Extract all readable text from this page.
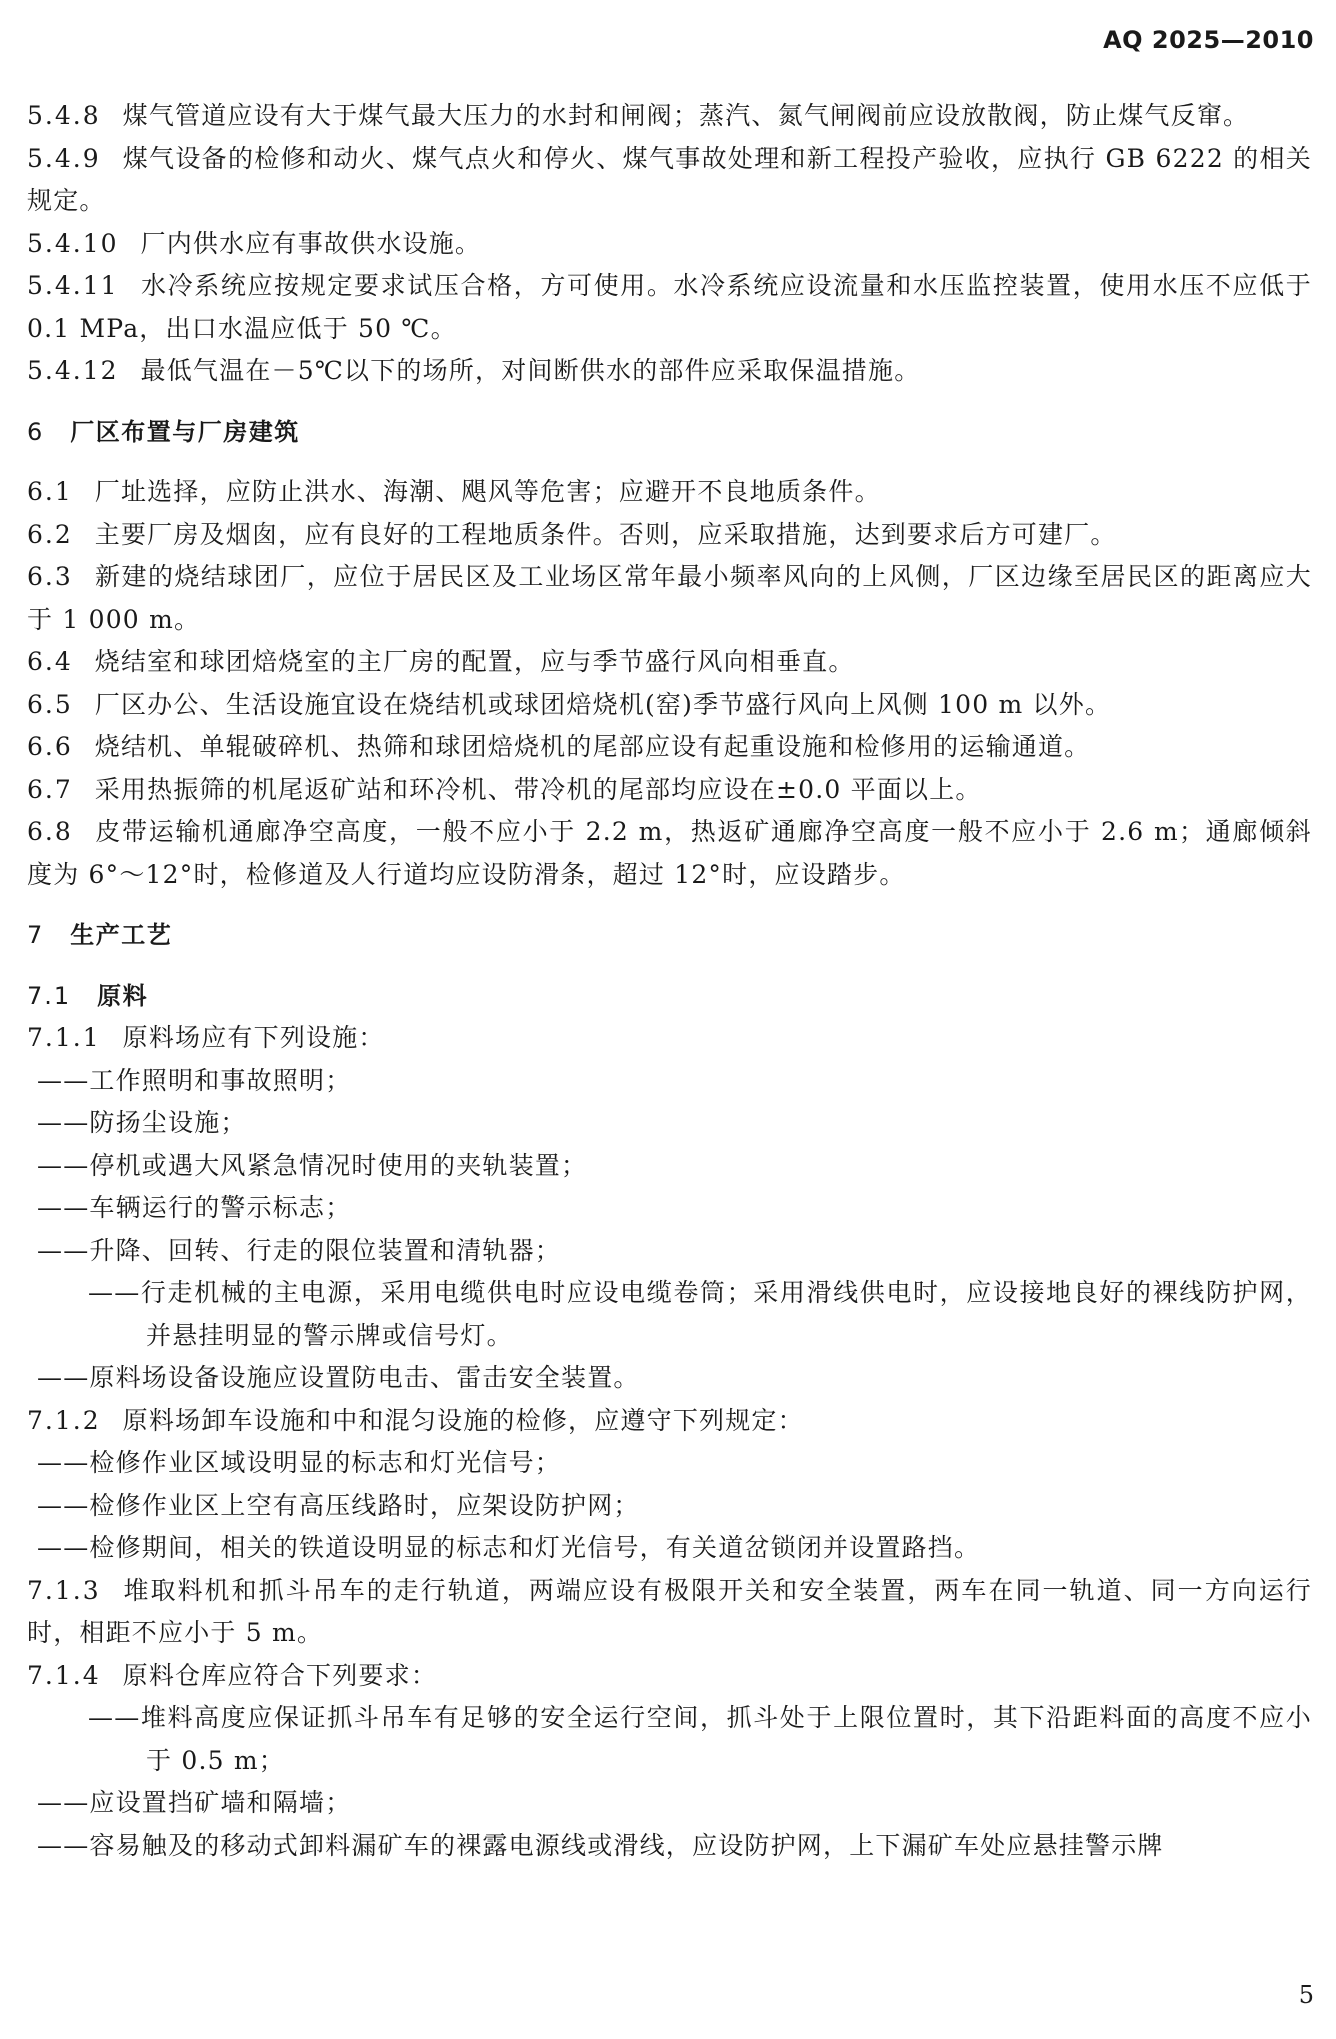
AQ 2025—2010

5.4.8 煤气管道应设有大于煤气最大压力的水封和闸阀；蒸汽、氮气闸阀前应设放散阀，防止煤气反窜。

5.4.9 煤气设备的检修和动火、煤气点火和停火、煤气事故处理和新工程投产验收，应执行 GB 6222 的相关规定。

5.4.10 厂内供水应有事故供水设施。

5.4.11 水冷系统应按规定要求试压合格，方可使用。水冷系统应设流量和水压监控装置，使用水压不应低于 0.1 MPa，出口水温应低于 50 ℃。

5.4.12 最低气温在－5℃以下的场所，对间断供水的部件应采取保温措施。

6 厂区布置与厂房建筑

6.1 厂址选择，应防止洪水、海潮、飓风等危害；应避开不良地质条件。

6.2 主要厂房及烟囱，应有良好的工程地质条件。否则，应采取措施，达到要求后方可建厂。

6.3 新建的烧结球团厂，应位于居民区及工业场区常年最小频率风向的上风侧，厂区边缘至居民区的距离应大于 1 000 m。

6.4 烧结室和球团焙烧室的主厂房的配置，应与季节盛行风向相垂直。

6.5 厂区办公、生活设施宜设在烧结机或球团焙烧机(窑)季节盛行风向上风侧 100 m 以外。

6.6 烧结机、单辊破碎机、热筛和球团焙烧机的尾部应设有起重设施和检修用的运输通道。

6.7 采用热振筛的机尾返矿站和环冷机、带冷机的尾部均应设在±0.0 平面以上。

6.8 皮带运输机通廊净空高度，一般不应小于 2.2 m，热返矿通廊净空高度一般不应小于 2.6 m；通廊倾斜度为 6°～12°时，检修道及人行道均应设防滑条，超过 12°时，应设踏步。

7 生产工艺

7.1 原料

7.1.1 原料场应有下列设施：

——工作照明和事故照明；

——防扬尘设施；

——停机或遇大风紧急情况时使用的夹轨装置；

——车辆运行的警示标志；

——升降、回转、行走的限位装置和清轨器；

——行走机械的主电源，采用电缆供电时应设电缆卷筒；采用滑线供电时，应设接地良好的裸线防护网，并悬挂明显的警示牌或信号灯。

——原料场设备设施应设置防电击、雷击安全装置。

7.1.2 原料场卸车设施和中和混匀设施的检修，应遵守下列规定：

——检修作业区域设明显的标志和灯光信号；

——检修作业区上空有高压线路时，应架设防护网；

——检修期间，相关的铁道设明显的标志和灯光信号，有关道岔锁闭并设置路挡。

7.1.3 堆取料机和抓斗吊车的走行轨道，两端应设有极限开关和安全装置，两车在同一轨道、同一方向运行时，相距不应小于 5 m。

7.1.4 原料仓库应符合下列要求：

——堆料高度应保证抓斗吊车有足够的安全运行空间，抓斗处于上限位置时，其下沿距料面的高度不应小于 0.5 m；

——应设置挡矿墙和隔墙；

——容易触及的移动式卸料漏矿车的裸露电源线或滑线，应设防护网，上下漏矿车处应悬挂警示牌

5
